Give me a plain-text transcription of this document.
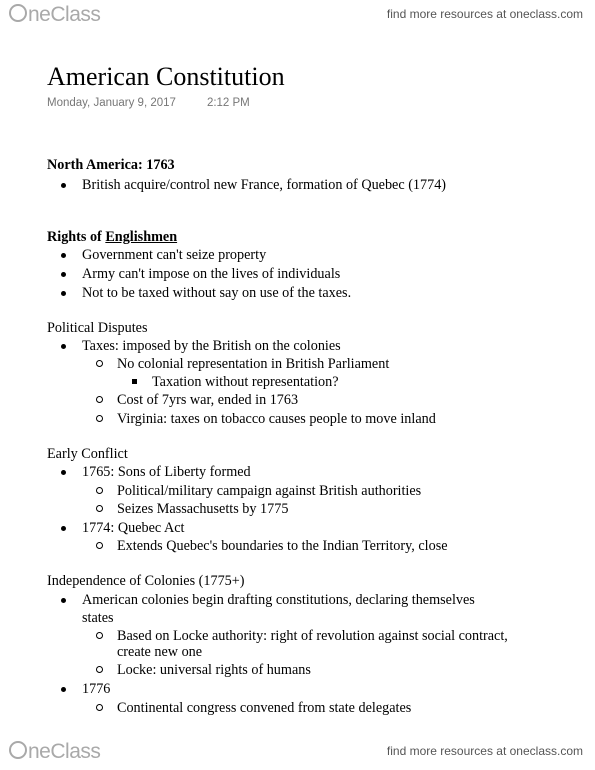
neClass	find more resources at oneclass.com
American Constitution
Monday, January 9, 2017	2:12 PM
North America: 1763
British acquire/control new France, formation of Quebec (1774)
Rights of Englishmen
Government can't seize property
Army can't impose on the lives of individuals
Not to be taxed without say on use of the taxes.
Political Disputes
Taxes: imposed by the British on the colonies
No colonial representation in British Parliament
Taxation without representation?
Cost of 7yrs war, ended in 1763
Virginia: taxes on tobacco causes people to move inland
Early Conflict
1765: Sons of Liberty formed
Political/military campaign against British authorities
Seizes Massachusetts by 1775
1774: Quebec Act
Extends Quebec's boundaries to the Indian Territory, close
Independence of Colonies (1775+)
American colonies begin drafting constitutions, declaring themselves
states
Based on Locke authority: right of revolution against social contract,
create new one
Locke: universal rights of humans
1776
Continental congress convened from state delegates
neClass	find more resources at oneclass.com
